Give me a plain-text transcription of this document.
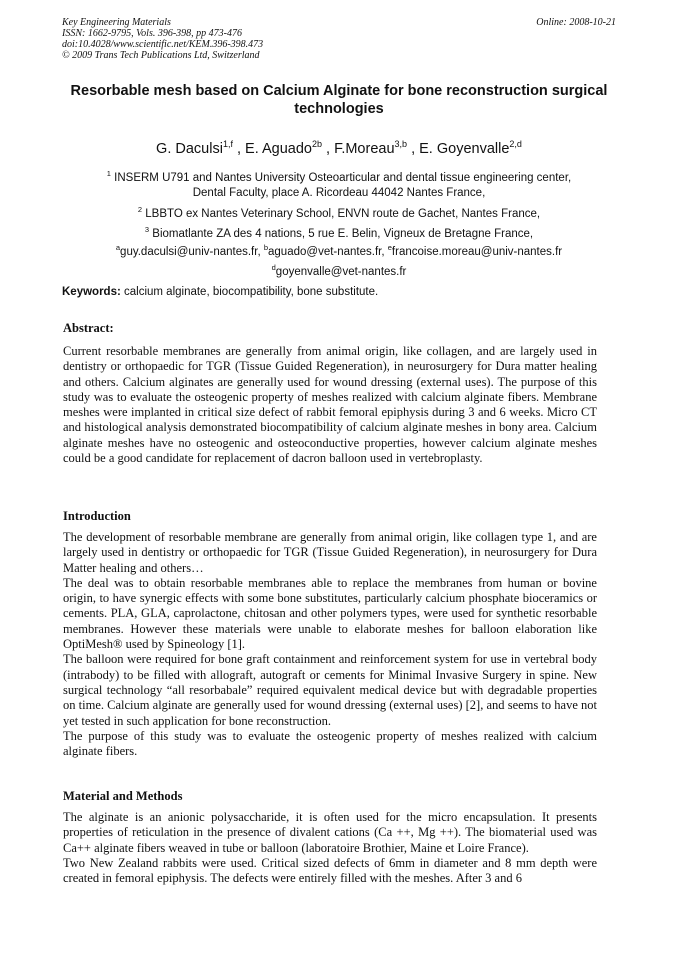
Key Engineering Materials
ISSN: 1662-9795, Vols. 396-398, pp 473-476
doi:10.4028/www.scientific.net/KEM.396-398.473
© 2009 Trans Tech Publications Ltd, Switzerland
Online: 2008-10-21
Resorbable mesh based on Calcium Alginate for bone reconstruction surgical technologies
G. Daculsi$^{1,f}$ , E. Aguado$^{2b}$ , F.Moreau$^{3,b}$ , E. Goyenvalle$^{2,d}$
$^1$ INSERM U791 and Nantes University Osteoarticular and dental tissue engineering center,
Dental Faculty, place A. Ricordeau 44042 Nantes France,
$^2$ LBBTO ex Nantes Veterinary School, ENVN route de Gachet, Nantes France,
$^3$ Biomatlante ZA des 4 nations, 5 rue E. Belin, Vigneux de Bretagne France,
$^a$guy.daculsi@univ-nantes.fr, $^b$aguado@vet-nantes.fr, $^e$francoise.moreau@univ-nantes.fr
$^d$goyenvalle@vet-nantes.fr
Keywords: calcium alginate, biocompatibility, bone substitute.
Abstract:

Current resorbable membranes are generally from animal origin, like collagen, and are largely used in dentistry or orthopaedic for TGR (Tissue Guided Regeneration), in neurosurgery for Dura matter healing and others. Calcium alginates are generally used for wound dressing (external uses). The purpose of this study was to evaluate the osteogenic property of meshes realized with calcium alginate fibers. Membrane meshes were implanted in critical size defect of rabbit femoral epiphysis during 3 and 6 weeks. Micro CT and histological analysis demonstrated biocompatibility of calcium alginate meshes in bony area. Calcium alginate meshes have no osteogenic and osteoconductive properties, however calcium alginate meshes could be a good candidate for replacement of dacron balloon used in vertebroplasty.

Introduction

The development of resorbable membrane are generally from animal origin, like collagen type 1, and are largely used in dentistry or orthopaedic for TGR (Tissue Guided Regeneration), in neurosurgery for Dura Matter healing and others…

The deal was to obtain resorbable membranes able to replace the membranes from human or bovine origin, to have synergic effects with some bone substitutes, particularly calcium phosphate bioceramics or cements. PLA, GLA, caprolactone, chitosan and other polymers types, were used for synthetic resorbable membranes. However these materials were unable to elaborate meshes for balloon elaboration like OptiMesh® used by Spineology [1].

The balloon were required for bone graft containment and reinforcement system for use in vertebral body (intrabody) to be filled with allograft, autograft or cements for Minimal Invasive Surgery in spine. New surgical technology “all resorbabale” required equivalent medical device but with degradable properties on time. Calcium alginate are generally used for wound dressing (external uses) [2], and seems to have not yet tested in such application for bone reconstruction.

The purpose of this study was to evaluate the osteogenic property of meshes realized with calcium alginate fibers.

Material and Methods

The alginate is an anionic polysaccharide, it is often used for the micro encapsulation. It presents properties of reticulation in the presence of divalent cations (Ca ++, Mg ++). The biomaterial used was Ca++ alginate fibers weaved in tube or balloon (laboratoire Brothier, Maine et Loire France).

Two New Zealand rabbits were used. Critical sized defects of 6mm in diameter and 8 mm depth were created in femoral epiphysis. The defects were entirely filled with the meshes. After 3 and 6
